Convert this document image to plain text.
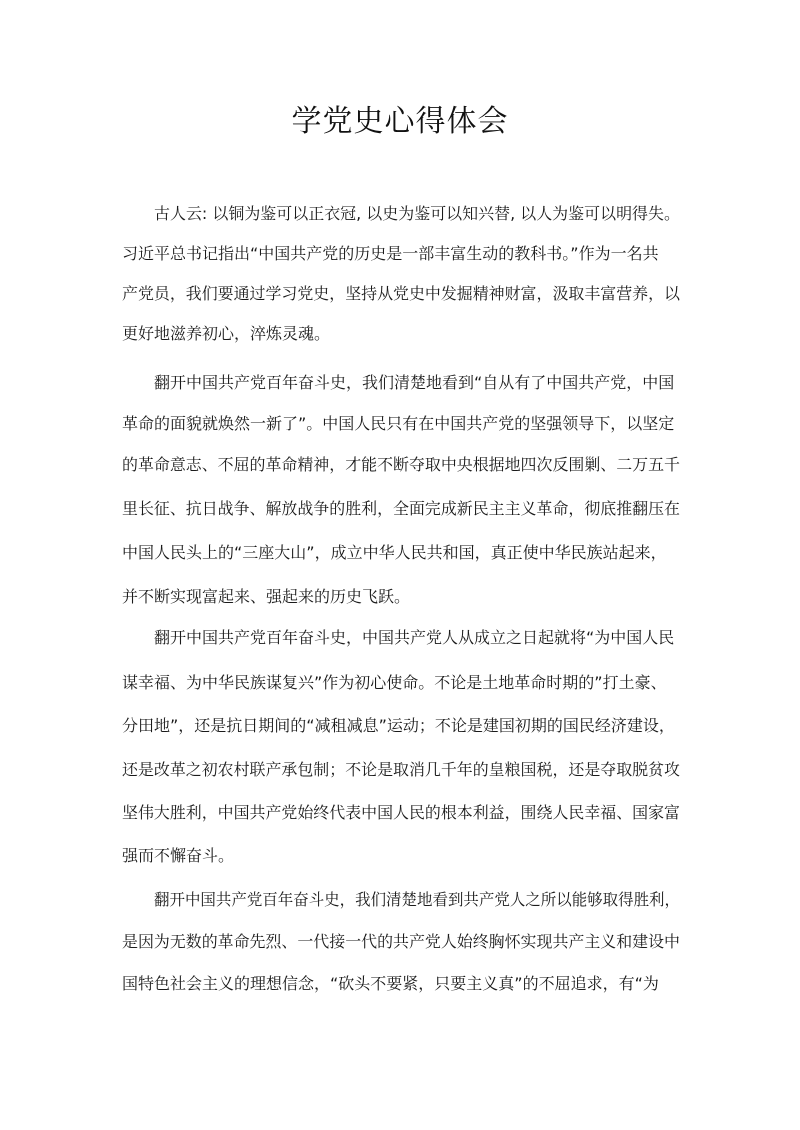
学党史心得体会
古人云: 以铜为鉴可以正衣冠, 以史为鉴可以知兴替, 以人为鉴可以明得失。
习近平总书记指出“中国共产党的历史是一部丰富生动的教科书。”作为一名共
产党员，我们要通过学习党史，坚持从党史中发掘精神财富，汲取丰富营养，以
更好地滋养初心，淬炼灵魂。
翻开中国共产党百年奋斗史，我们清楚地看到“自从有了中国共产党，中国
革命的面貌就焕然一新了”。中国人民只有在中国共产党的坚强领导下，以坚定
的革命意志、不屈的革命精神，才能不断夺取中央根据地四次反围剿、二万五千
里长征、抗日战争、解放战争的胜利，全面完成新民主主义革命，彻底推翻压在
中国人民头上的“三座大山”，成立中华人民共和国，真正使中华民族站起来，
并不断实现富起来、强起来的历史飞跃。
翻开中国共产党百年奋斗史，中国共产党人从成立之日起就将“为中国人民
谋幸福、为中华民族谋复兴”作为初心使命。不论是土地革命时期的”打土豪、
分田地”，还是抗日期间的“减租减息”运动；不论是建国初期的国民经济建设，
还是改革之初农村联产承包制；不论是取消几千年的皇粮国税，还是夺取脱贫攻
坚伟大胜利，中国共产党始终代表中国人民的根本利益，围绕人民幸福、国家富
强而不懈奋斗。
翻开中国共产党百年奋斗史，我们清楚地看到共产党人之所以能够取得胜利，
是因为无数的革命先烈、一代接一代的共产党人始终胸怀实现共产主义和建设中
国特色社会主义的理想信念，“砍头不要紧，只要主义真”的不屈追求，有“为
